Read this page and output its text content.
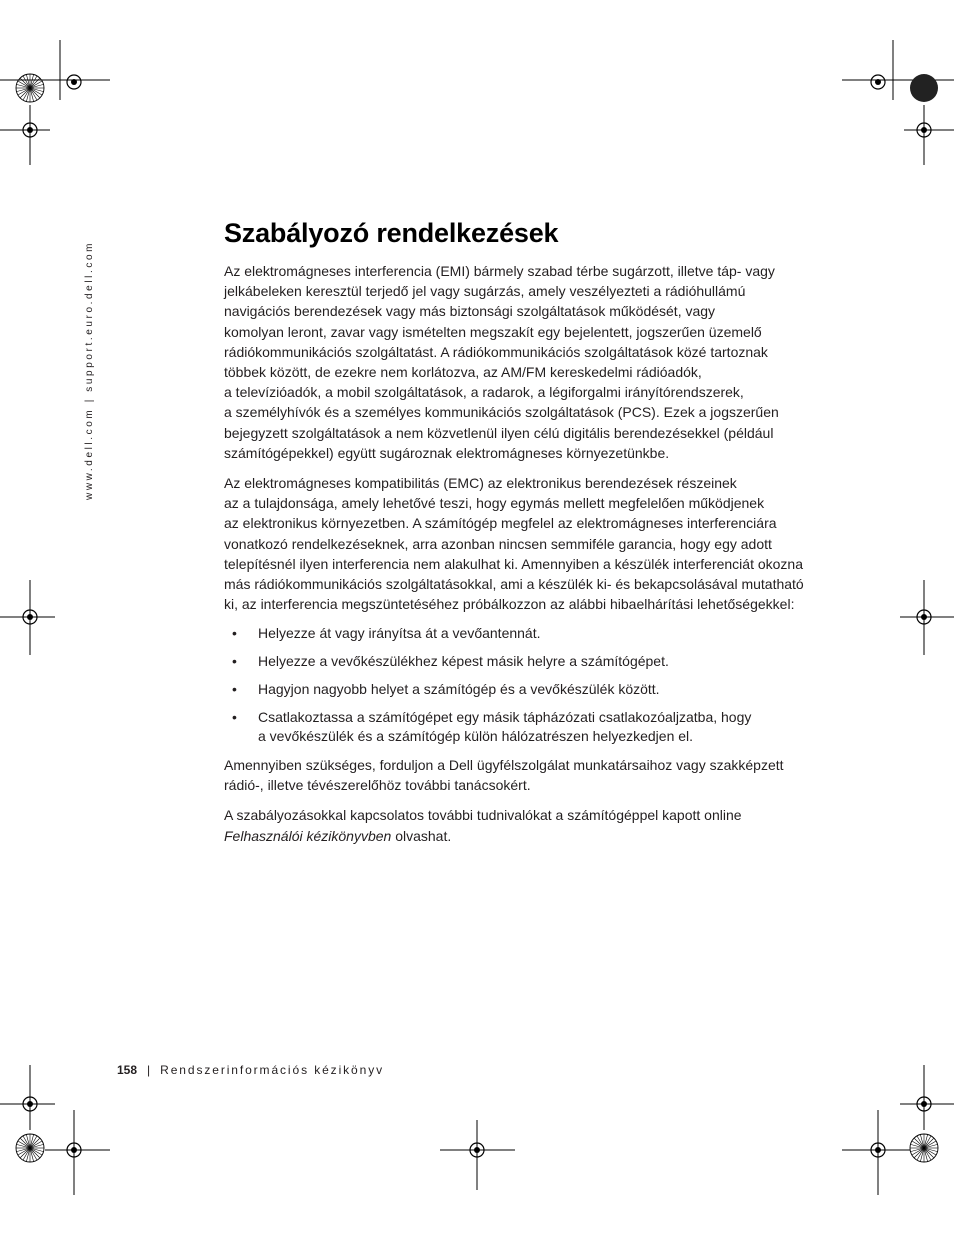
www.dell.com | support.euro.dell.com
Szabályozó rendelkezések

Az elektromágneses interferencia (EMI) bármely szabad térbe sugárzott, illetve táp- vagy
jelkábeleken keresztül terjedő jel vagy sugárzás, amely veszélyezteti a rádióhullámú
navigációs berendezések vagy más biztonsági szolgáltatások működését, vagy
komolyan leront, zavar vagy ismételten megszakít egy bejelentett, jogszerűen üzemelő
rádiókommunikációs szolgáltatást. A rádiókommunikációs szolgáltatások közé tartoznak
többek között, de ezekre nem korlátozva, az AM/FM kereskedelmi rádióadók,
a televízióadók, a mobil szolgáltatások, a radarok, a légiforgalmi irányítórendszerek,
a személyhívók és a személyes kommunikációs szolgáltatások (PCS). Ezek a jogszerűen
bejegyzett szolgáltatások a nem közvetlenül ilyen célú digitális berendezésekkel (például
számítógépekkel) együtt sugároznak elektromágneses környezetünkbe.

Az elektromágneses kompatibilitás (EMC) az elektronikus berendezések részeinek
az a tulajdonsága, amely lehetővé teszi, hogy egymás mellett megfelelően működjenek
az elektronikus környezetben. A számítógép megfelel az elektromágneses interferenciára
vonatkozó rendelkezéseknek, arra azonban nincsen semmiféle garancia, hogy egy adott
telepítésnél ilyen interferencia nem alakulhat ki. Amennyiben a készülék interferenciát okozna
más rádiókommunikációs szolgáltatásokkal, ami a készülék ki- és bekapcsolásával mutatható
ki, az interferencia megszüntetéséhez próbálkozzon az alábbi hibaelhárítási lehetőségekkel:

• Helyezze át vagy irányítsa át a vevőantennát.
• Helyezze a vevőkészülékhez képest másik helyre a számítógépet.
• Hagyjon nagyobb helyet a számítógép és a vevőkészülék között.
• Csatlakoztassa a számítógépet egy másik tápházózati csatlakozóaljzatba, hogy
a vevőkészülék és a számítógép külön hálózatrészen helyezkedjen el.

Amennyiben szükséges, forduljon a Dell ügyfélszolgálat munkatársaihoz vagy szakképzett
rádió-, illetve tévészerelőhöz további tanácsokért.

A szabályozásokkal kapcsolatos további tudnivalókat a számítógéppel kapott online
Felhasználói kézikönyvben olvashat.

158 | Rendszerinformációs kézikönyv
